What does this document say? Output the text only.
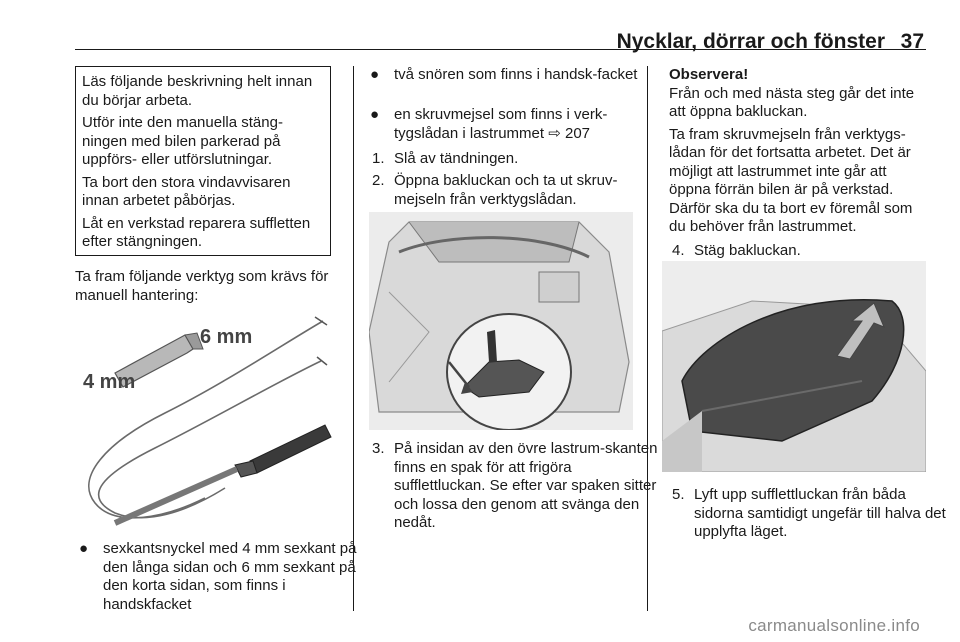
Nycklar, dörrar och fönster 37

Läs följande beskrivning helt innan du börjar arbeta.

Utför inte den manuella stäng-ningen med bilen parkerad på uppförs- eller utförslutningar.

Ta bort den stora vindavvisaren innan arbetet påbörjas.

Låt en verkstad reparera suffletten efter stängningen.

Ta fram följande verktyg som krävs för manuell hantering:
6 mm
4 mm
● sexkantsnyckel med 4 mm sexkant på den långa sidan och 6 mm sexkant på den korta sidan, som finns i handskfacket
● två snören som finns i handsk-facket
● en skruvmejsel som finns i verk-tygslådan i lastrummet ⇨ 207
1. Slå av tändningen.
2. Öppna bakluckan och ta ut skruv-mejseln från verktygslådan.
3. På insidan av den övre lastrum-skanten finns en spak för att frigöra sufflettluckan. Se efter var spaken sitter och lossa den genom att svänga den nedåt.

Observera!

Från och med nästa steg går det inte att öppna bakluckan.

Ta fram skruvmejseln från verktygs-lådan för det fortsatta arbetet. Det är möjligt att lastrummet inte går att öppna förrän bilen är på verkstad. Därför ska du ta bort ev föremål som du behöver från lastrummet.

4. Stäg bakluckan.
5. Lyft upp sufflettluckan från båda sidorna samtidigt ungefär till halva det upplyfta läget.
carmanualsonline.info
